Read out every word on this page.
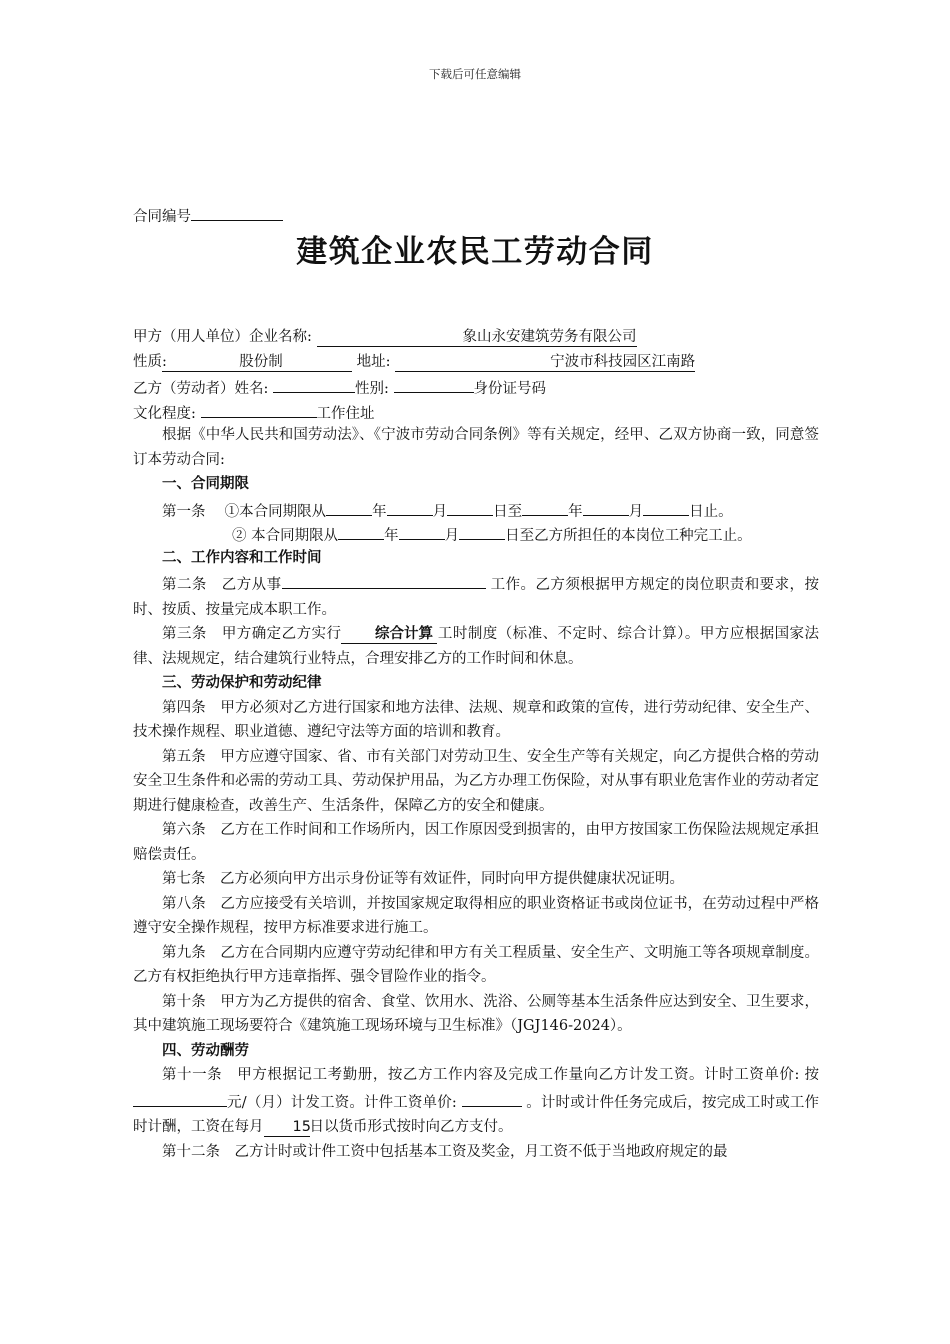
下载后可任意编辑
合同编号
建筑企业农民工劳动合同
甲方（用人单位）企业名称:	象山永安建筑劳务有限公司
性质:	股份制	地址:	宁波市科技园区江南路
乙方（劳动者）姓名:	性别:	身份证号码
文化程度:	工作住址

根据《中华人民共和国劳动法》、《宁波市劳动合同条例》等有关规定，经甲、乙双方协商一致，同意签订本劳动合同:

一、合同期限
第一条　 ①本合同期限从	年	月	日至	年	月	日止。
② 本合同期限从	年	月	日至乙方所担任的本岗位工种完工止。
二、工作内容和工作时间

第二条　乙方从事	工作。乙方须根据甲方规定的岗位职责和要求，按时、按质、按量完成本职工作。

第三条　甲方确定乙方实行 综合计算 工时制度（标准、不定时、综合计算）。甲方应根据国家法律、法规规定，结合建筑行业特点，合理安排乙方的工作时间和休息。

三、劳动保护和劳动纪律

第四条　甲方必须对乙方进行国家和地方法律、法规、规章和政策的宣传，进行劳动纪律、安全生产、技术操作规程、职业道德、遵纪守法等方面的培训和教育。

第五条　甲方应遵守国家、省、市有关部门对劳动卫生、安全生产等有关规定，向乙方提供合格的劳动安全卫生条件和必需的劳动工具、劳动保护用品，为乙方办理工伤保险，对从事有职业危害作业的劳动者定期进行健康检查，改善生产、生活条件，保障乙方的安全和健康。

第六条　乙方在工作时间和工作场所内，因工作原因受到损害的，由甲方按国家工伤保险法规规定承担赔偿责任。

第七条　乙方必须向甲方出示身份证等有效证件，同时向甲方提供健康状况证明。

第八条　乙方应接受有关培训，并按国家规定取得相应的职业资格证书或岗位证书，在劳动过程中严格遵守安全操作规程，按甲方标准要求进行施工。

第九条　乙方在合同期内应遵守劳动纪律和甲方有关工程质量、安全生产、文明施工等各项规章制度。乙方有权拒绝执行甲方违章指挥、强令冒险作业的指令。

第十条　甲方为乙方提供的宿舍、食堂、饮用水、洗浴、公厕等基本生活条件应达到安全、卫生要求，其中建筑施工现场要符合《建筑施工现场环境与卫生标准》（JGJ146-2024）。

四、劳动酬劳

第十一条　甲方根据记工考勤册，按乙方工作内容及完成工作量向乙方计发工资。计时工资单价: 按元/（月）计发工资。计件工资单价:	。计时或计件任务完成后，按完成工时或工作时计酬，工资在每月 15日以货币形式按时向乙方支付。

第十二条　乙方计时或计件工资中包括基本工资及奖金，月工资不低于当地政府规定的最
